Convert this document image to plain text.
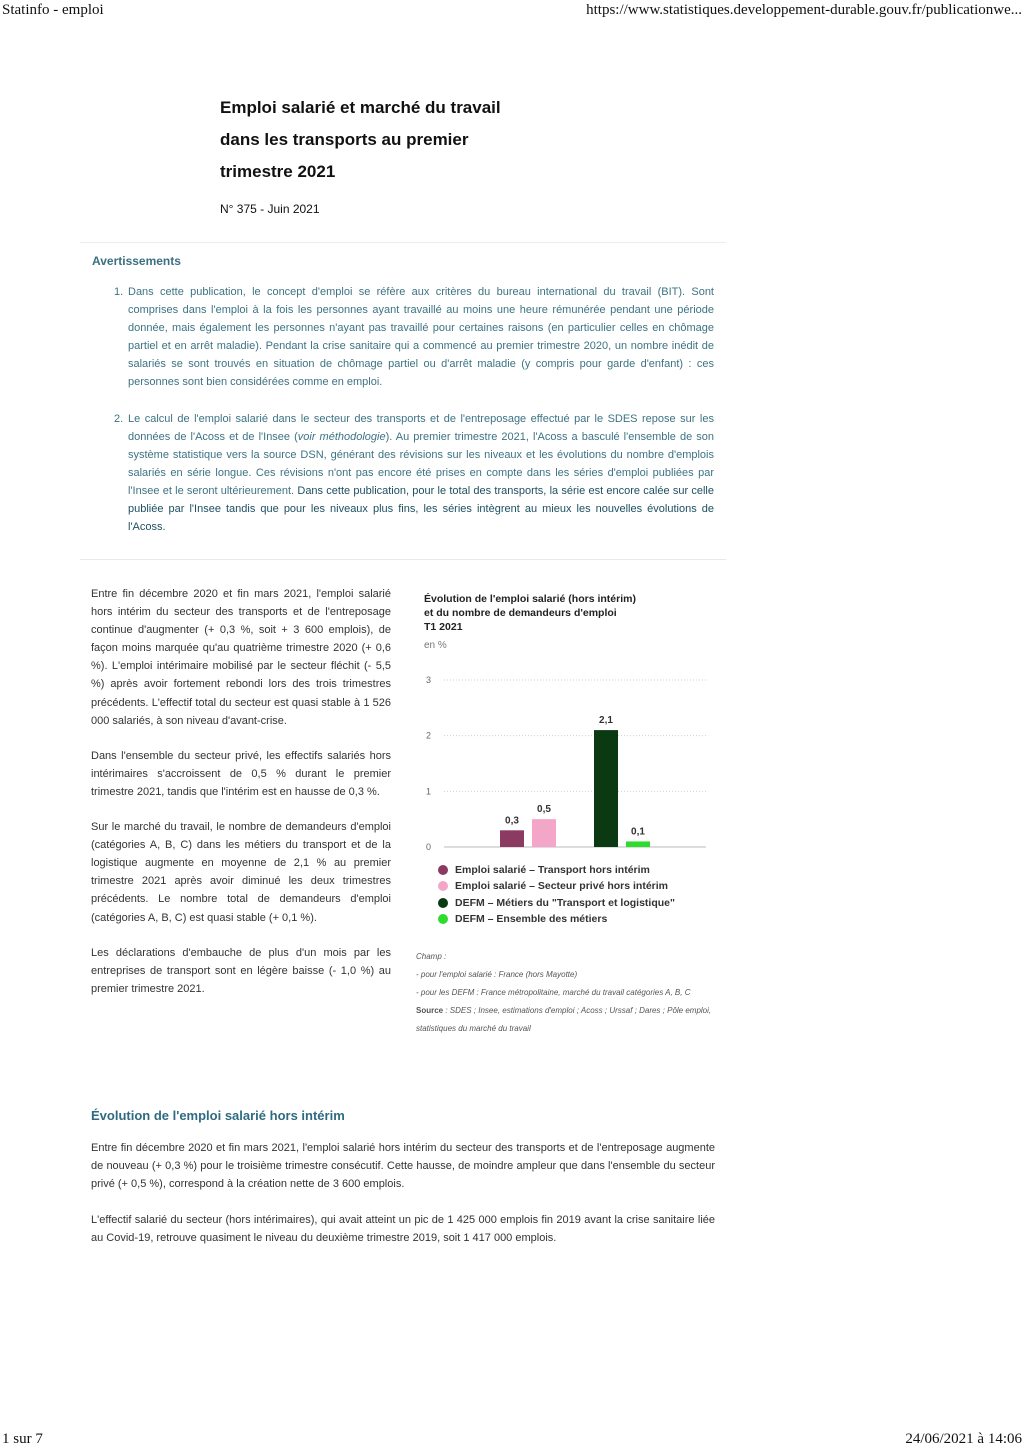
Statinfo - emploi	https://www.statistiques.developpement-durable.gouv.fr/publicationwe...
Emploi salarié et marché du travail
dans les transports au premier
trimestre 2021
N° 375 - Juin 2021
Avertissements
1. Dans cette publication, le concept d'emploi se réfère aux critères du bureau international du travail (BIT). Sont comprises dans l'emploi à la fois les personnes ayant travaillé au moins une heure rémunérée pendant une période donnée, mais également les personnes n'ayant pas travaillé pour certaines raisons (en particulier celles en chômage partiel et en arrêt maladie). Pendant la crise sanitaire qui a commencé au premier trimestre 2020, un nombre inédit de salariés se sont trouvés en situation de chômage partiel ou d'arrêt maladie (y compris pour garde d'enfant) : ces personnes sont bien considérées comme en emploi.
2. Le calcul de l'emploi salarié dans le secteur des transports et de l'entreposage effectué par le SDES repose sur les données de l'Acoss et de l'Insee (voir méthodologie). Au premier trimestre 2021, l'Acoss a basculé l'ensemble de son système statistique vers la source DSN, générant des révisions sur les niveaux et les évolutions du nombre d'emplois salariés en série longue. Ces révisions n'ont pas encore été prises en compte dans les séries d'emploi publiées par l'Insee et le seront ultérieurement. Dans cette publication, pour le total des transports, la série est encore calée sur celle publiée par l'Insee tandis que pour les niveaux plus fins, les séries intègrent au mieux les nouvelles évolutions de l'Acoss.

Entre fin décembre 2020 et fin mars 2021, l'emploi salarié hors intérim du secteur des transports et de l'entreposage continue d'augmenter (+ 0,3 %, soit + 3 600 emplois), de façon moins marquée qu'au quatrième trimestre 2020 (+ 0,6 %). L'emploi intérimaire mobilisé par le secteur fléchit (- 5,5 %) après avoir fortement rebondi lors des trois trimestres précédents. L'effectif total du secteur est quasi stable à 1 526 000 salariés, à son niveau d'avant-crise.

Dans l'ensemble du secteur privé, les effectifs salariés hors intérimaires s'accroissent de 0,5 % durant le premier trimestre 2021, tandis que l'intérim est en hausse de 0,3 %.

Sur le marché du travail, le nombre de demandeurs d'emploi (catégories A, B, C) dans les métiers du transport et de la logistique augmente en moyenne de 2,1 % au premier trimestre 2021 après avoir diminué les deux trimestres précédents. Le nombre total de demandeurs d'emploi (catégories A, B, C) est quasi stable (+ 0,1 %).

Les déclarations d'embauche de plus d'un mois par les entreprises de transport sont en légère baisse (- 1,0 %) au premier trimestre 2021.

Évolution de l'emploi salarié (hors intérim)
et du nombre de demandeurs d'emploi
T1 2021
en %
0
1
2
3
0,3
0,5
2,1
0,1
Emploi salarié – Transport hors intérim
Emploi salarié – Secteur privé hors intérim
DEFM – Métiers du "Transport et logistique"
DEFM – Ensemble des métiers
Champ :
- pour l'emploi salarié : France (hors Mayotte)
- pour les DEFM : France métropolitaine, marché du travail catégories A, B, C
Source : SDES ; Insee, estimations d'emploi ; Acoss ; Urssaf ; Dares ; Pôle emploi, statistiques du marché du travail
Évolution de l'emploi salarié hors intérim

Entre fin décembre 2020 et fin mars 2021, l'emploi salarié hors intérim du secteur des transports et de l'entreposage augmente de nouveau (+ 0,3 %) pour le troisième trimestre consécutif. Cette hausse, de moindre ampleur que dans l'ensemble du secteur privé (+ 0,5 %), correspond à la création nette de 3 600 emplois.

L'effectif salarié du secteur (hors intérimaires), qui avait atteint un pic de 1 425 000 emplois fin 2019 avant la crise sanitaire liée au Covid-19, retrouve quasiment le niveau du deuxième trimestre 2019, soit 1 417 000 emplois.

1 sur 7	24/06/2021 à 14:06
